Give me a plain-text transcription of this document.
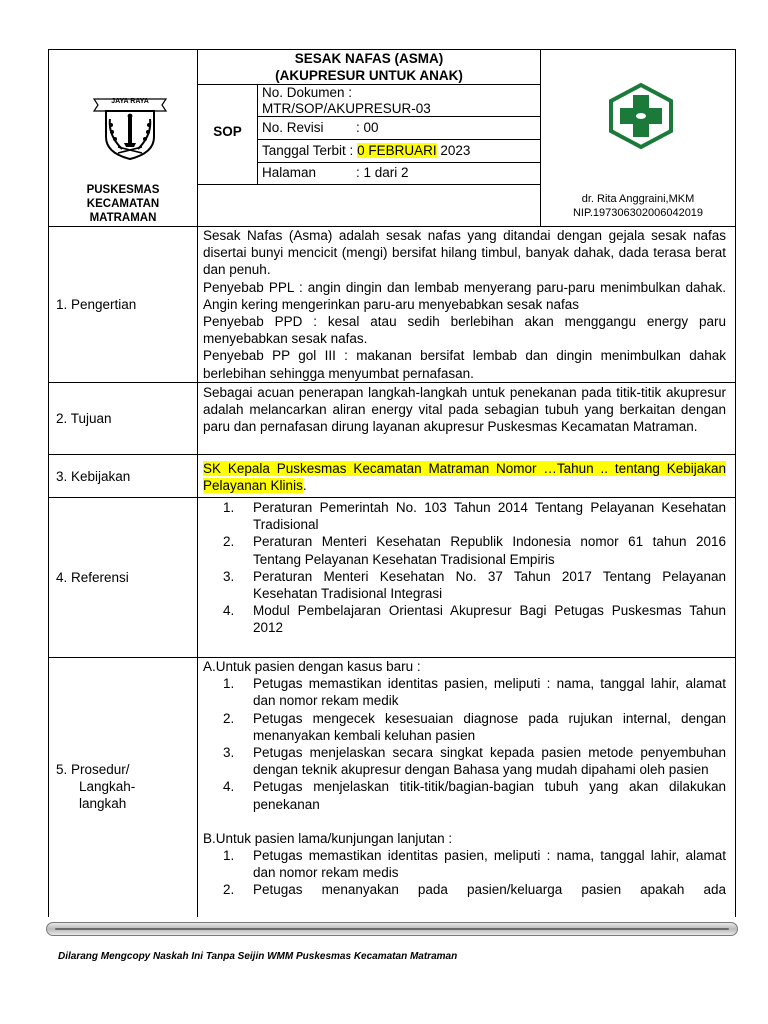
JAYA RAYA
SESAK NAFAS (ASMA)
(AKUPRESUR UNTUK ANAK)
SOP
No. Dokumen :
MTR/SOP/AKUPRESUR-03
No. Revisi : 00
Tanggal Terbit : 0 FEBRUARI 2023
Halaman	: 1 dari 2
PUSKESMAS
KECAMATAN
MATRAMAN
dr. Rita Anggraini,MKM
NIP.197306302006042019
1. Pengertian
Sesak Nafas (Asma) adalah sesak nafas yang ditandai dengan gejala sesak nafas disertai bunyi mencicit (mengi) bersifat hilang timbul, banyak dahak, dada terasa berat dan penuh.
Penyebab PPL : angin dingin dan lembab menyerang paru-paru menimbulkan dahak. Angin kering mengerinkan paru-aru menyebabkan sesak nafas
Penyebab PPD : kesal atau sedih berlebihan akan menggangu energy paru menyebabkan sesak nafas.
Penyebab PP gol III : makanan bersifat lembab dan dingin menimbulkan dahak berlebihan sehingga menyumbat pernafasan.
2. Tujuan
Sebagai acuan penerapan langkah-langkah untuk penekanan pada titik-titik akupresur adalah melancarkan aliran energy vital pada sebagian tubuh yang berkaitan dengan paru dan pernafasan dirung layanan akupresur Puskesmas Kecamatan Matraman.
3. Kebijakan
SK Kepala Puskesmas Kecamatan Matraman Nomor …Tahun .. tentang Kebijakan Pelayanan Klinis.
4. Referensi
1. Peraturan Pemerintah No. 103 Tahun 2014 Tentang Pelayanan Kesehatan Tradisional
2. Peraturan Menteri Kesehatan Republik Indonesia nomor 61 tahun 2016 Tentang Pelayanan Kesehatan Tradisional Empiris
3. Peraturan Menteri Kesehatan No. 37 Tahun 2017 Tentang Pelayanan Kesehatan Tradisional Integrasi
4. Modul Pembelajaran Orientasi Akupresur Bagi Petugas Puskesmas Tahun 2012
5. Prosedur/
Langkah-
langkah
A.Untuk pasien dengan kasus baru :
1. Petugas memastikan identitas pasien, meliputi : nama, tanggal lahir, alamat dan nomor rekam medik
2. Petugas mengecek kesesuaian diagnose pada rujukan internal, dengan menanyakan kembali keluhan pasien
3. Petugas menjelaskan secara singkat kepada pasien metode penyembuhan dengan teknik akupresur dengan Bahasa yang mudah dipahami oleh pasien
4. Petugas menjelaskan titik-titik/bagian-bagian tubuh yang akan dilakukan penekanan
B.Untuk pasien lama/kunjungan lanjutan :
1. Petugas memastikan identitas pasien, meliputi : nama, tanggal lahir, alamat dan nomor rekam medis
2. Petugas menanyakan pada pasien/keluarga pasien apakah ada
Dilarang Mengcopy Naskah Ini Tanpa Seijin WMM Puskesmas Kecamatan Matraman
